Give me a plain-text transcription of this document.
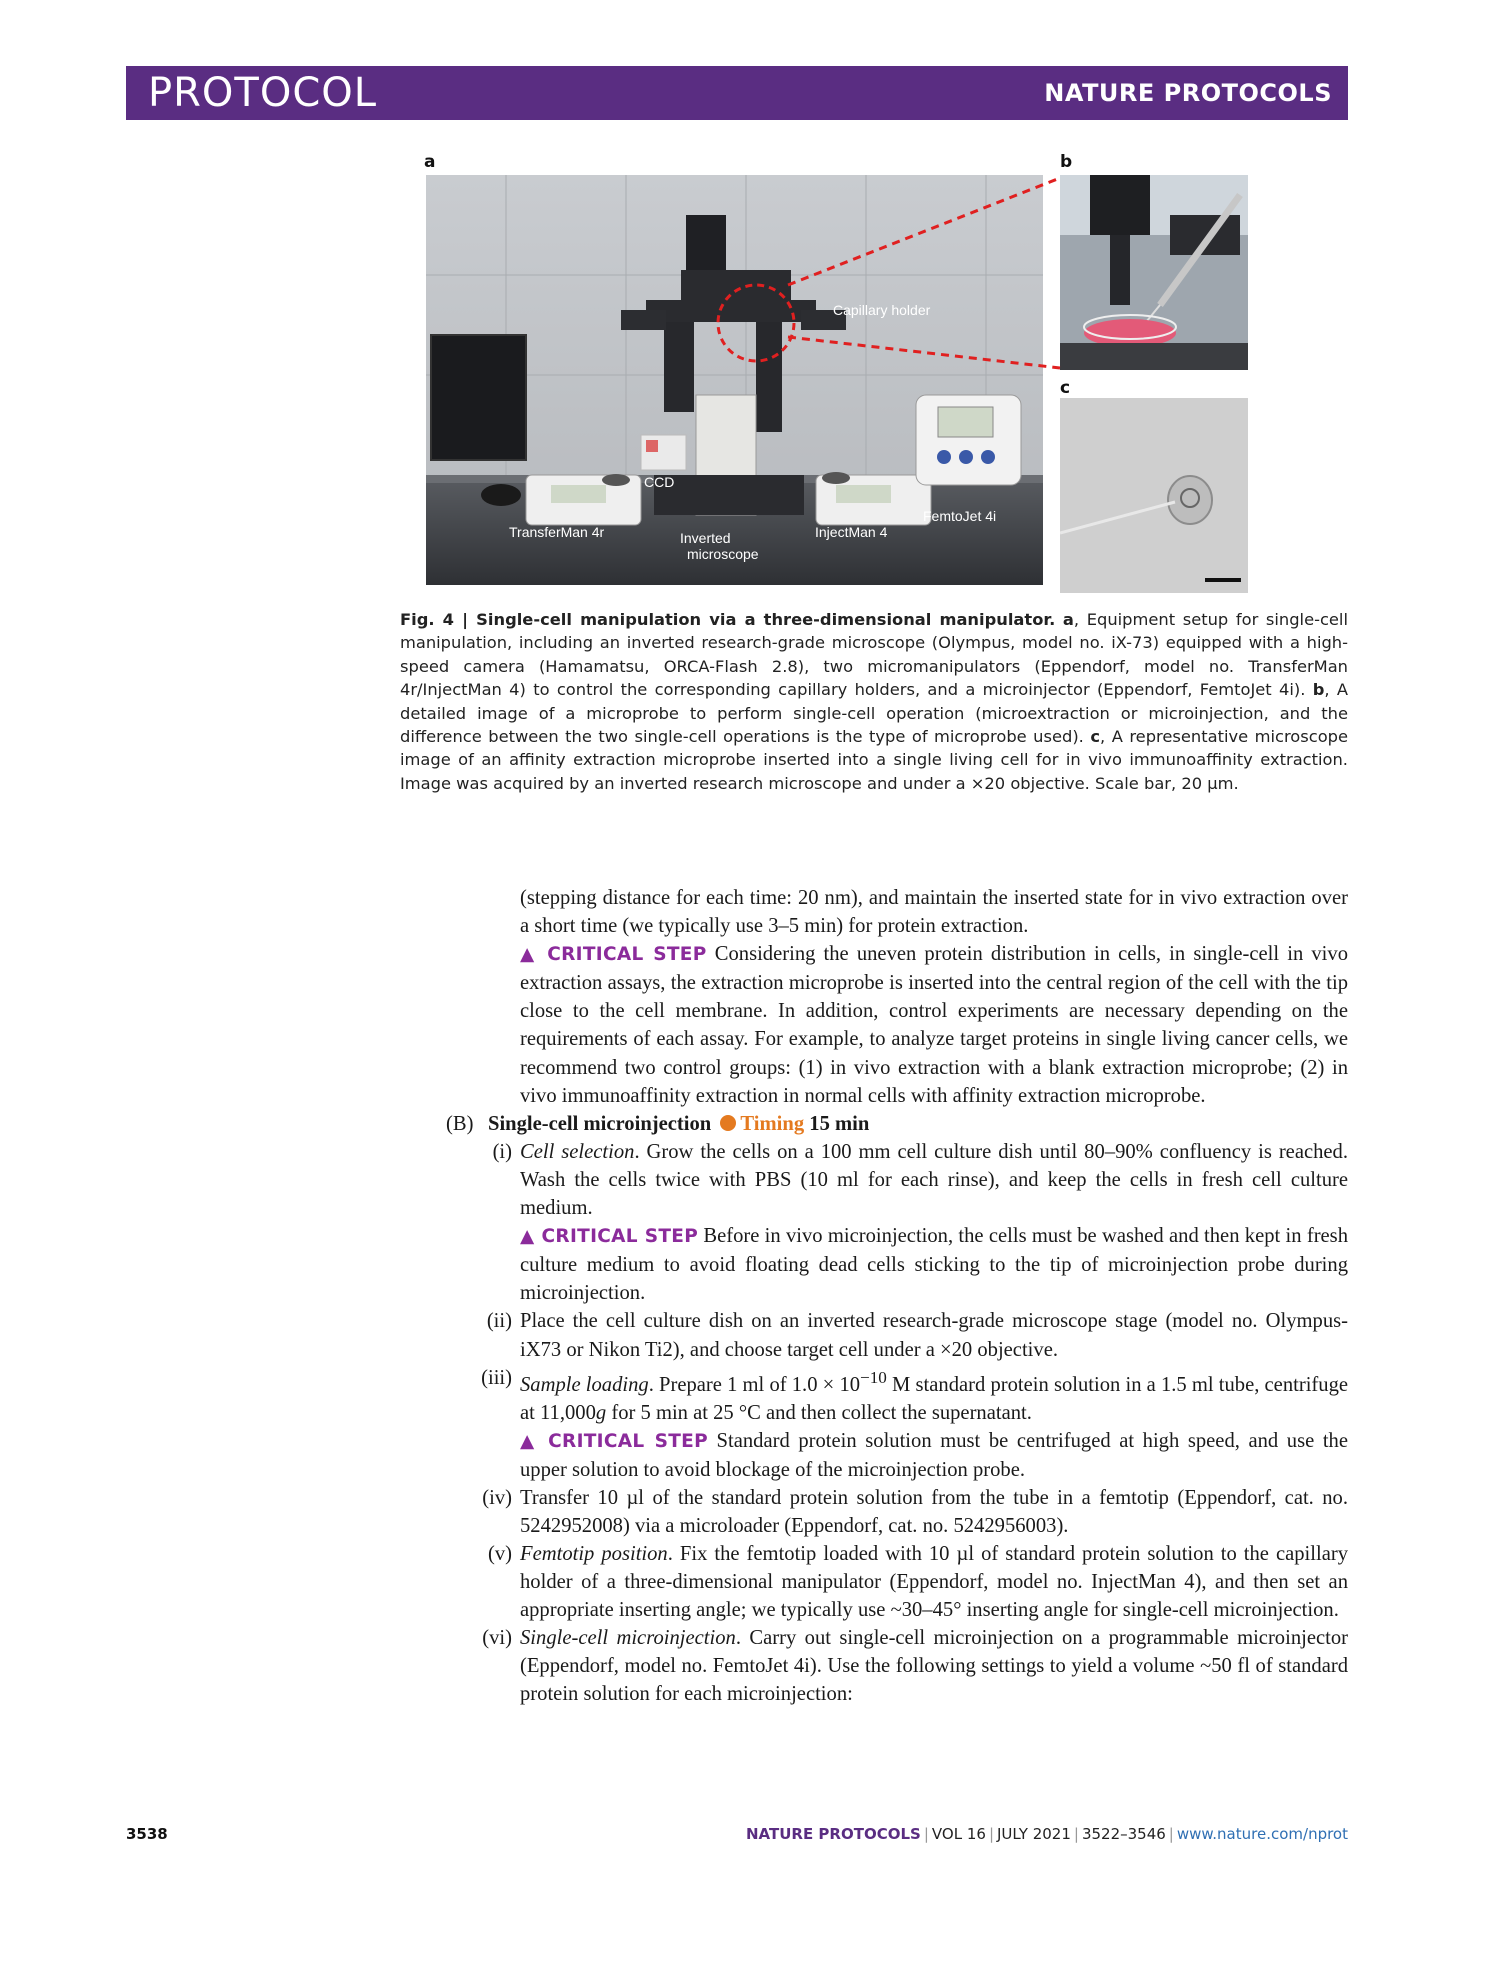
PROTOCOL	NATURE PROTOCOLS
a	b
c
Capillary holder
CCD
TransferMan 4r	Inverted
microscope
InjectMan 4
FemtoJet 4i
Fig. 4 | Single-cell manipulation via a three-dimensional manipulator. a, Equipment setup for single-cell manipulation, including an inverted research-grade microscope (Olympus, model no. iX-73) equipped with a high-speed camera (Hamamatsu, ORCA-Flash 2.8), two micromanipulators (Eppendorf, model no. TransferMan 4r/InjectMan 4) to control the corresponding capillary holders, and a microinjector (Eppendorf, FemtoJet 4i). b, A detailed image of a microprobe to perform single-cell operation (microextraction or microinjection, and the difference between the two single-cell operations is the type of microprobe used). c, A representative microscope image of an affinity extraction microprobe inserted into a single living cell for in vivo immunoaffinity extraction. Image was acquired by an inverted research microscope and under a ×20 objective. Scale bar, 20 µm.

(stepping distance for each time: 20 nm), and maintain the inserted state for in vivo extraction over a short time (we typically use 3–5 min) for protein extraction.

▲ CRITICAL STEP Considering the uneven protein distribution in cells, in single-cell in vivo extraction assays, the extraction microprobe is inserted into the central region of the cell with the tip close to the cell membrane. In addition, control experiments are necessary depending on the requirements of each assay. For example, to analyze target proteins in single living cancer cells, we recommend two control groups: (1) in vivo extraction with a blank extraction microprobe; (2) in vivo immunoaffinity extraction in normal cells with affinity extraction microprobe.

(B) Single-cell microinjection Timing 15 min

(i) Cell selection. Grow the cells on a 100 mm cell culture dish until 80–90% confluency is reached. Wash the cells twice with PBS (10 ml for each rinse), and keep the cells in fresh cell culture medium.

▲ CRITICAL STEP Before in vivo microinjection, the cells must be washed and then kept in fresh culture medium to avoid floating dead cells sticking to the tip of microinjection probe during microinjection.

(ii) Place the cell culture dish on an inverted research-grade microscope stage (model no. Olympus-iX73 or Nikon Ti2), and choose target cell under a ×20 objective.

(iii) Sample loading. Prepare 1 ml of $1.0 \times 10^{-10}$ M standard protein solution in a 1.5 ml tube, centrifuge at 11,000g for 5 min at 25 °C and then collect the supernatant.

▲ CRITICAL STEP Standard protein solution must be centrifuged at high speed, and use the upper solution to avoid blockage of the microinjection probe.

(iv) Transfer 10 µl of the standard protein solution from the tube in a femtotip (Eppendorf, cat. no. 5242952008) via a microloader (Eppendorf, cat. no. 5242956003).

(v) Femtotip position. Fix the femtotip loaded with 10 µl of standard protein solution to the capillary holder of a three-dimensional manipulator (Eppendorf, model no. InjectMan 4), and then set an appropriate inserting angle; we typically use ~30–45° inserting angle for single-cell microinjection.

(vi) Single-cell microinjection. Carry out single-cell microinjection on a programmable microinjector (Eppendorf, model no. FemtoJet 4i). Use the following settings to yield a volume ~50 fl of standard protein solution for each microinjection:

3538	NATURE PROTOCOLS | VOL 16 | JULY 2021 | 3522–3546 | www.nature.com/nprot
